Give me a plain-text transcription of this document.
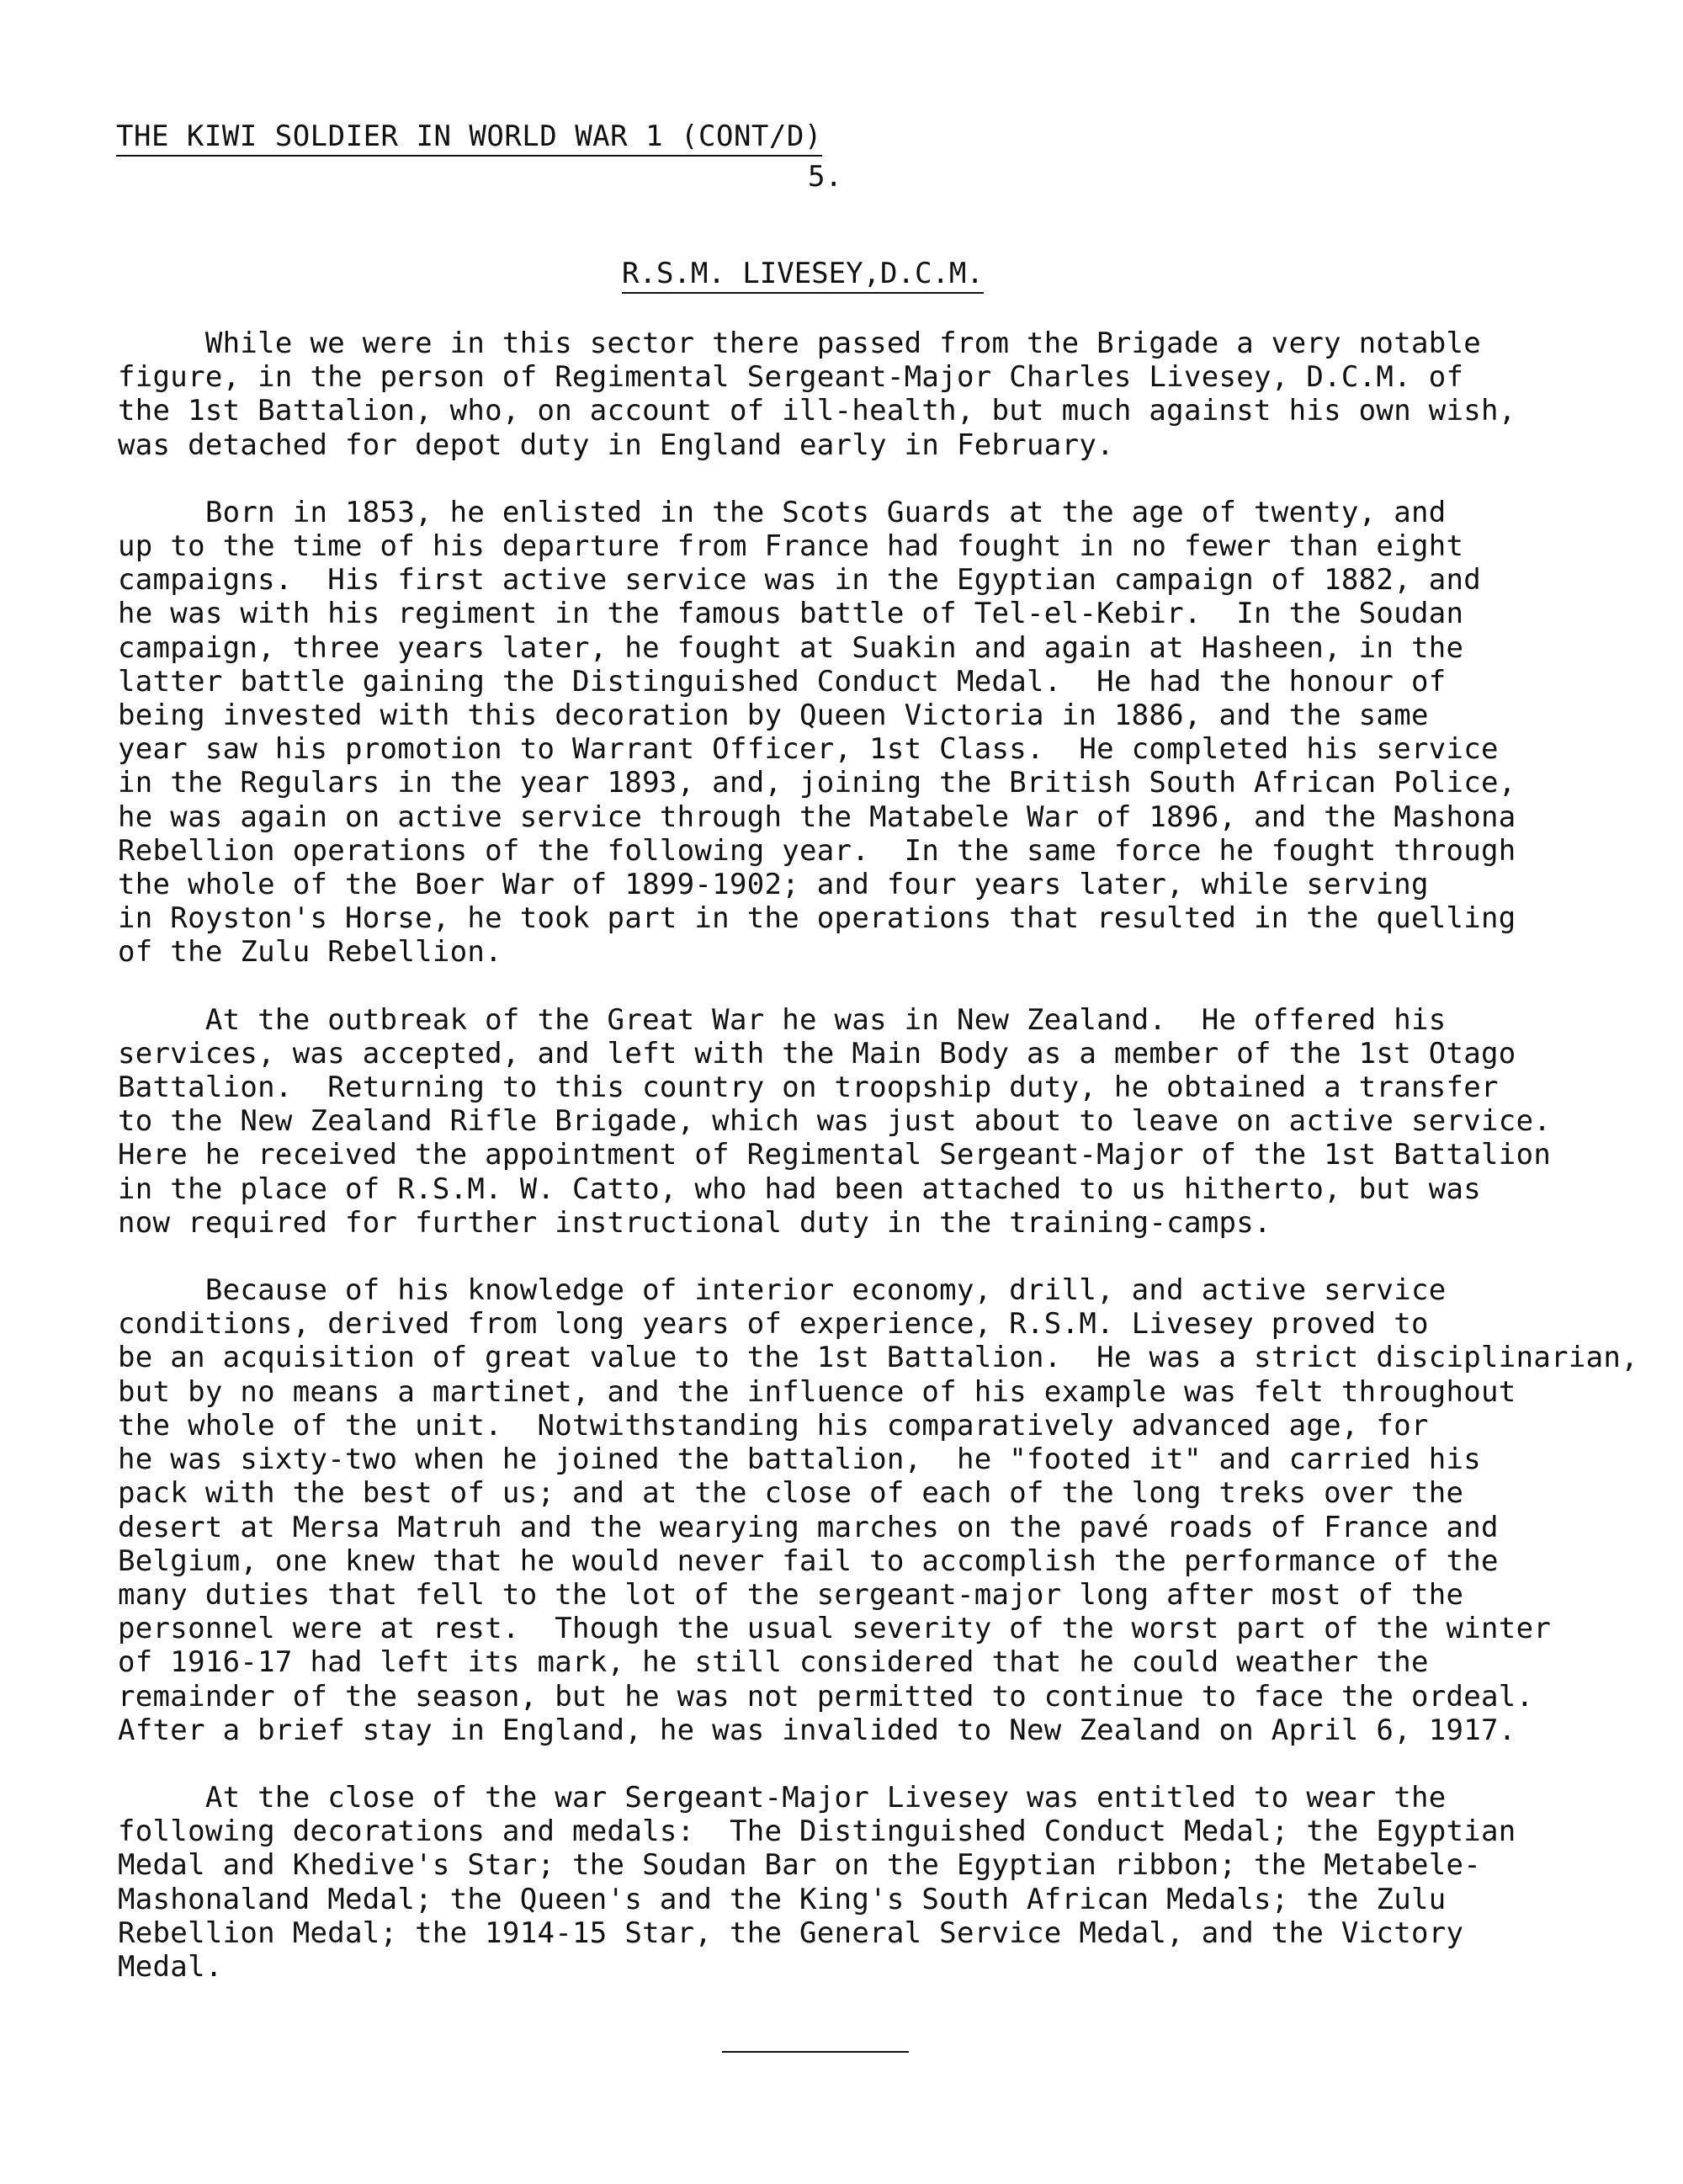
THE KIWI SOLDIER IN WORLD WAR 1 (CONT/D)
5.
R.S.M. LIVESEY,D.C.M.
While we were in this sector there passed from the Brigade a very notable
figure, in the person of Regimental Sergeant-Major Charles Livesey, D.C.M. of
the 1st Battalion, who, on account of ill-health, but much against his own wish,
was detached for depot duty in England early in February.
Born in 1853, he enlisted in the Scots Guards at the age of twenty, and
up to the time of his departure from France had fought in no fewer than eight
campaigns.  His first active service was in the Egyptian campaign of 1882, and
he was with his regiment in the famous battle of Tel-el-Kebir.  In the Soudan
campaign, three years later, he fought at Suakin and again at Hasheen, in the
latter battle gaining the Distinguished Conduct Medal.  He had the honour of
being invested with this decoration by Queen Victoria in 1886, and the same
year saw his promotion to Warrant Officer, 1st Class.  He completed his service
in the Regulars in the year 1893, and, joining the British South African Police,
he was again on active service through the Matabele War of 1896, and the Mashona
Rebellion operations of the following year.  In the same force he fought through
the whole of the Boer War of 1899-1902; and four years later, while serving
in Royston's Horse, he took part in the operations that resulted in the quelling
of the Zulu Rebellion.
At the outbreak of the Great War he was in New Zealand.  He offered his
services, was accepted, and left with the Main Body as a member of the 1st Otago
Battalion.  Returning to this country on troopship duty, he obtained a transfer
to the New Zealand Rifle Brigade, which was just about to leave on active service.
Here he received the appointment of Regimental Sergeant-Major of the 1st Battalion
in the place of R.S.M. W. Catto, who had been attached to us hitherto, but was
now required for further instructional duty in the training-camps.
Because of his knowledge of interior economy, drill, and active service
conditions, derived from long years of experience, R.S.M. Livesey proved to
be an acquisition of great value to the 1st Battalion.  He was a strict disciplinarian,
but by no means a martinet, and the influence of his example was felt throughout
the whole of the unit.  Notwithstanding his comparatively advanced age, for
he was sixty-two when he joined the battalion,  he "footed it" and carried his
pack with the best of us; and at the close of each of the long treks over the
desert at Mersa Matruh and the wearying marches on the pavé roads of France and
Belgium, one knew that he would never fail to accomplish the performance of the
many duties that fell to the lot of the sergeant-major long after most of the
personnel were at rest.  Though the usual severity of the worst part of the winter
of 1916-17 had left its mark, he still considered that he could weather the
remainder of the season, but he was not permitted to continue to face the ordeal.
After a brief stay in England, he was invalided to New Zealand on April 6, 1917.
At the close of the war Sergeant-Major Livesey was entitled to wear the
following decorations and medals:  The Distinguished Conduct Medal; the Egyptian
Medal and Khedive's Star; the Soudan Bar on the Egyptian ribbon; the Metabele-
Mashonaland Medal; the Queen's and the King's South African Medals; the Zulu
Rebellion Medal; the 1914-15 Star, the General Service Medal, and the Victory
Medal.
